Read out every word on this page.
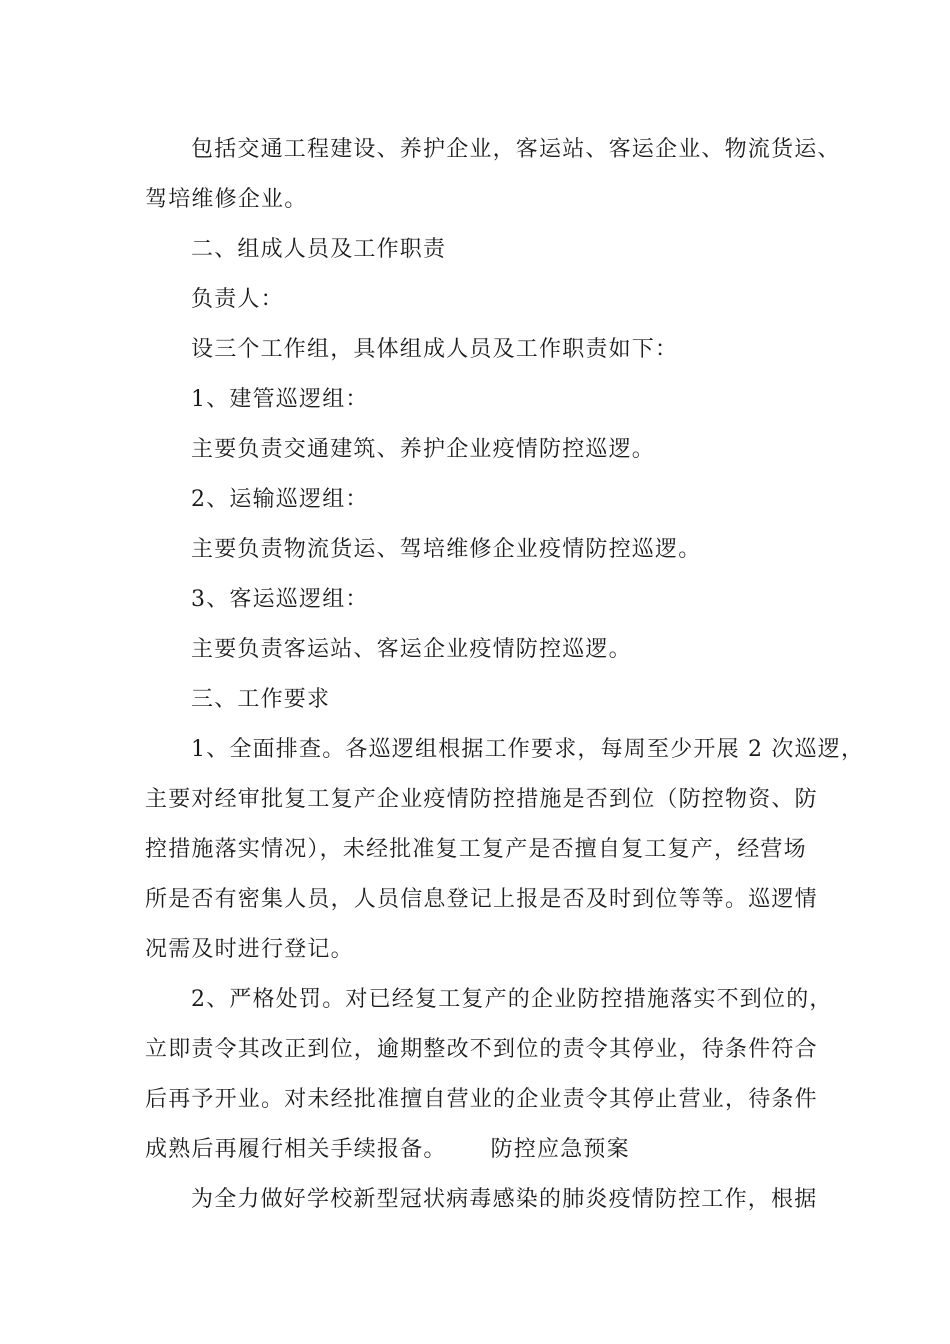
包括交通工程建设、养护企业，客运站、客运企业、物流货运、
驾培维修企业。
二、组成人员及工作职责
负责人：
设三个工作组，具体组成人员及工作职责如下：
1、建管巡逻组：
主要负责交通建筑、养护企业疫情防控巡逻。
2、运输巡逻组：
主要负责物流货运、驾培维修企业疫情防控巡逻。
3、客运巡逻组：
主要负责客运站、客运企业疫情防控巡逻。
三、工作要求
1、全面排查。各巡逻组根据工作要求，每周至少开展 2 次巡逻，
主要对经审批复工复产企业疫情防控措施是否到位（防控物资、防
控措施落实情况），未经批准复工复产是否擅自复工复产，经营场
所是否有密集人员，人员信息登记上报是否及时到位等等。巡逻情
况需及时进行登记。
2、严格处罚。对已经复工复产的企业防控措施落实不到位的，
立即责令其改正到位，逾期整改不到位的责令其停业，待条件符合
后再予开业。对未经批准擅自营业的企业责令其停止营业，待条件
成熟后再履行相关手续报备。 防控应急预案
为全力做好学校新型冠状病毒感染的肺炎疫情防控工作，根据
